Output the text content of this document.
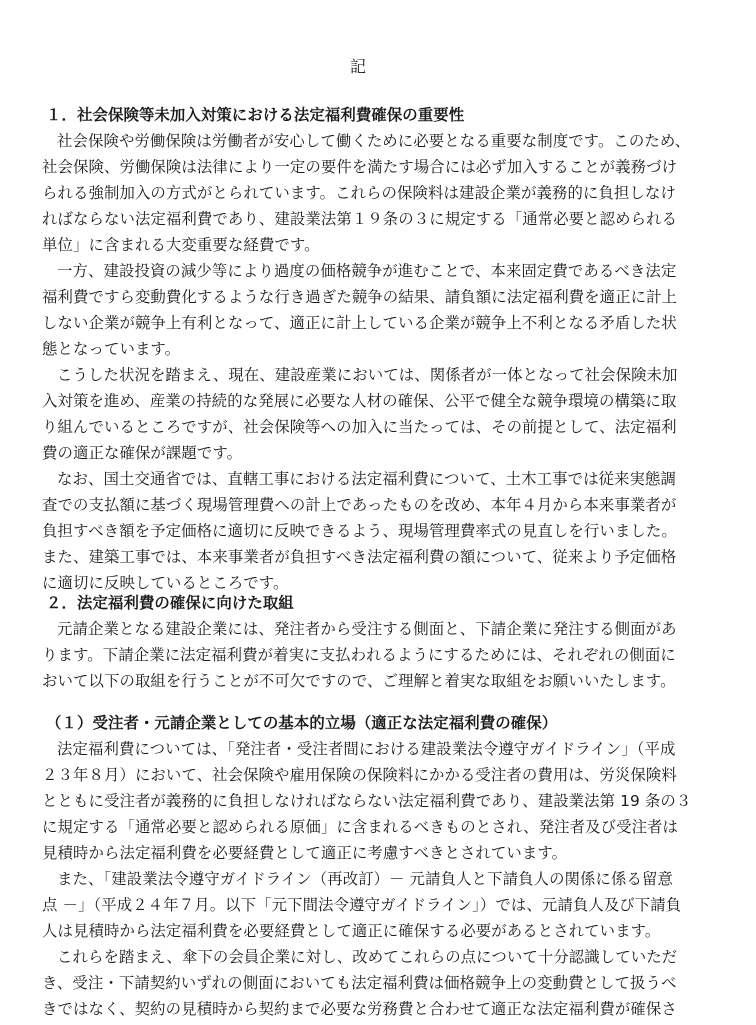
記
１．社会保険等未加入対策における法定福利費確保の重要性
社会保険や労働保険は労働者が安心して働くために必要となる重要な制度です。このため、
社会保険、労働保険は法律により一定の要件を満たす場合には必ず加入することが義務づけ
られる強制加入の方式がとられています。これらの保険料は建設企業が義務的に負担しなけ
ればならない法定福利費であり、建設業法第１９条の３に規定する「通常必要と認められる
単位」に含まれる大変重要な経費です。
一方、建設投資の減少等により過度の価格競争が進むことで、本来固定費であるべき法定
福利費ですら変動費化するような行き過ぎた競争の結果、請負額に法定福利費を適正に計上
しない企業が競争上有利となって、適正に計上している企業が競争上不利となる矛盾した状
態となっています。
こうした状況を踏まえ、現在、建設産業においては、関係者が一体となって社会保険未加
入対策を進め、産業の持続的な発展に必要な人材の確保、公平で健全な競争環境の構築に取
り組んでいるところですが、社会保険等への加入に当たっては、その前提として、法定福利
費の適正な確保が課題です。
なお、国土交通省では、直轄工事における法定福利費について、土木工事では従来実態調
査での支払額に基づく現場管理費への計上であったものを改め、本年４月から本来事業者が
負担すべき額を予定価格に適切に反映できるよう、現場管理費率式の見直しを行いました。
また、建築工事では、本来事業者が負担すべき法定福利費の額について、従来より予定価格
に適切に反映しているところです。
２．法定福利費の確保に向けた取組
元請企業となる建設企業には、発注者から受注する側面と、下請企業に発注する側面があ
ります。下請企業に法定福利費が着実に支払われるようにするためには、それぞれの側面に
おいて以下の取組を行うことが不可欠ですので、ご理解と着実な取組をお願いいたします。
（１）受注者・元請企業としての基本的立場（適正な法定福利費の確保）
法定福利費については、「発注者・受注者間における建設業法令遵守ガイドライン」（平成
２３年８月）において、社会保険や雇用保険の保険料にかかる受注者の費用は、労災保険料
とともに受注者が義務的に負担しなければならない法定福利費であり、建設業法第 19 条の３
に規定する「通常必要と認められる原価」に含まれるべきものとされ、発注者及び受注者は
見積時から法定福利費を必要経費として適正に考慮すべきとされています。
また、「建設業法令遵守ガイドライン（再改訂）－ 元請負人と下請負人の関係に係る留意
点 －」（平成２４年７月。以下「元下間法令遵守ガイドライン」）では、元請負人及び下請負
人は見積時から法定福利費を必要経費として適正に確保する必要があるとされています。
これらを踏まえ、傘下の会員企業に対し、改めてこれらの点について十分認識していただ
き、受注・下請契約いずれの側面においても法定福利費は価格競争上の変動費として扱うべ
きではなく、契約の見積時から契約まで必要な労務費と合わせて適正な法定福利費が確保さ
